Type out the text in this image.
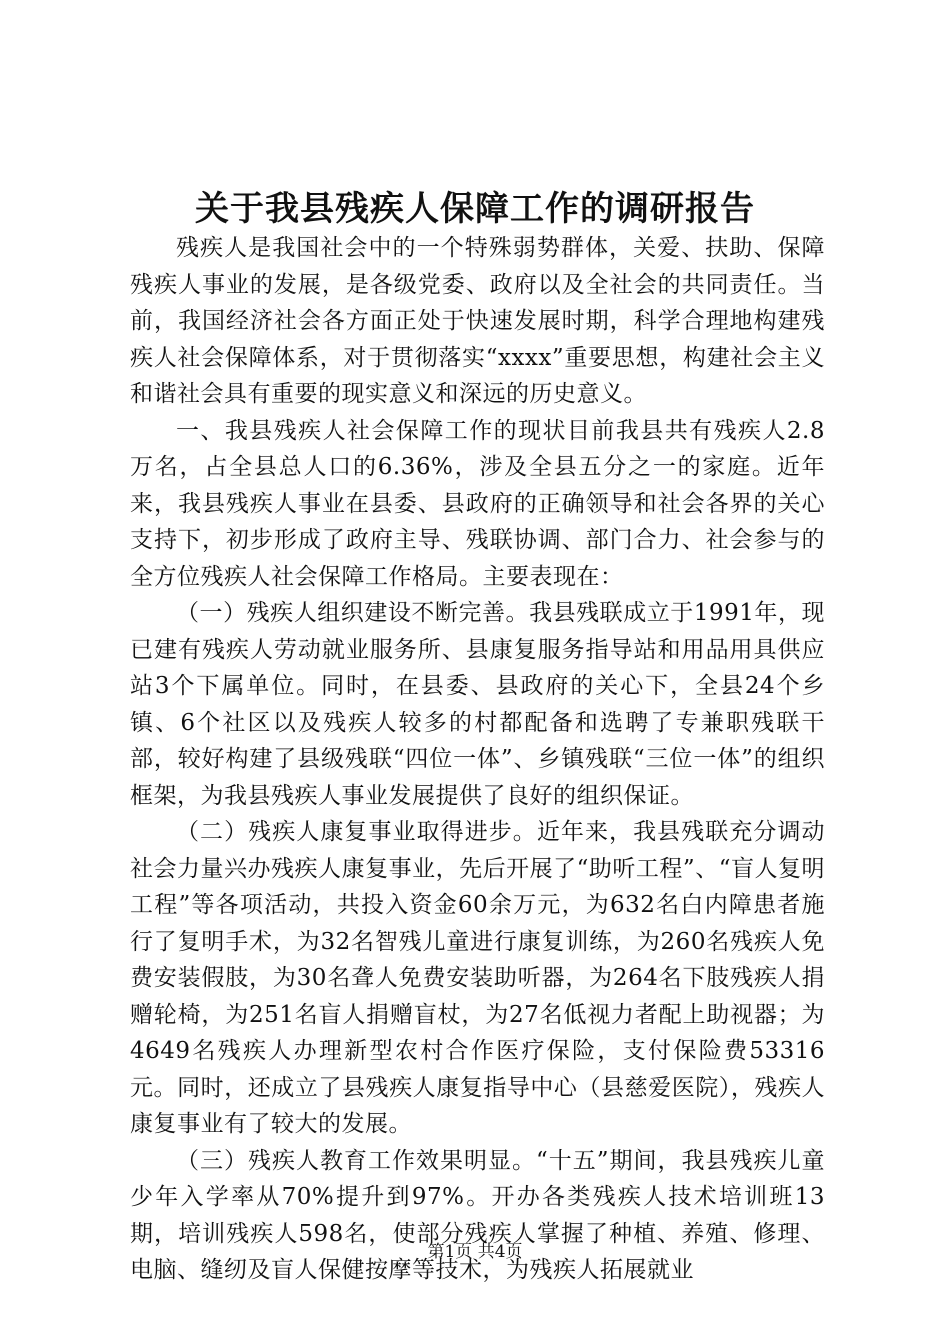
关于我县残疾人保障工作的调研报告

残疾人是我国社会中的一个特殊弱势群体，关爱、扶助、保障残疾人事业的发展，是各级党委、政府以及全社会的共同责任。当前，我国经济社会各方面正处于快速发展时期，科学合理地构建残疾人社会保障体系，对于贯彻落实“xxxx”重要思想，构建社会主义和谐社会具有重要的现实意义和深远的历史意义。

一、我县残疾人社会保障工作的现状目前我县共有残疾人2.8万名，占全县总人口的6.36%，涉及全县五分之一的家庭。近年来，我县残疾人事业在县委、县政府的正确领导和社会各界的关心支持下，初步形成了政府主导、残联协调、部门合力、社会参与的全方位残疾人社会保障工作格局。主要表现在：

（一）残疾人组织建设不断完善。我县残联成立于1991年，现已建有残疾人劳动就业服务所、县康复服务指导站和用品用具供应站3个下属单位。同时，在县委、县政府的关心下，全县24个乡镇、6个社区以及残疾人较多的村都配备和选聘了专兼职残联干部，较好构建了县级残联“四位一体”、乡镇残联“三位一体”的组织框架，为我县残疾人事业发展提供了良好的组织保证。

（二）残疾人康复事业取得进步。近年来，我县残联充分调动社会力量兴办残疾人康复事业，先后开展了“助听工程”、“盲人复明工程”等各项活动，共投入资金60余万元，为632名白内障患者施行了复明手术，为32名智残儿童进行康复训练，为260名残疾人免费安装假肢，为30名聋人免费安装助听器，为264名下肢残疾人捐赠轮椅，为251名盲人捐赠盲杖，为27名低视力者配上助视器；为4649名残疾人办理新型农村合作医疗保险，支付保险费53316元。同时，还成立了县残疾人康复指导中心（县慈爱医院），残疾人康复事业有了较大的发展。

（三）残疾人教育工作效果明显。“十五”期间，我县残疾儿童少年入学率从70%提升到97%。开办各类残疾人技术培训班13期，培训残疾人598名，使部分残疾人掌握了种植、养殖、修理、电脑、缝纫及盲人保健按摩等技术，为残疾人拓展就业

第1页 共4页
